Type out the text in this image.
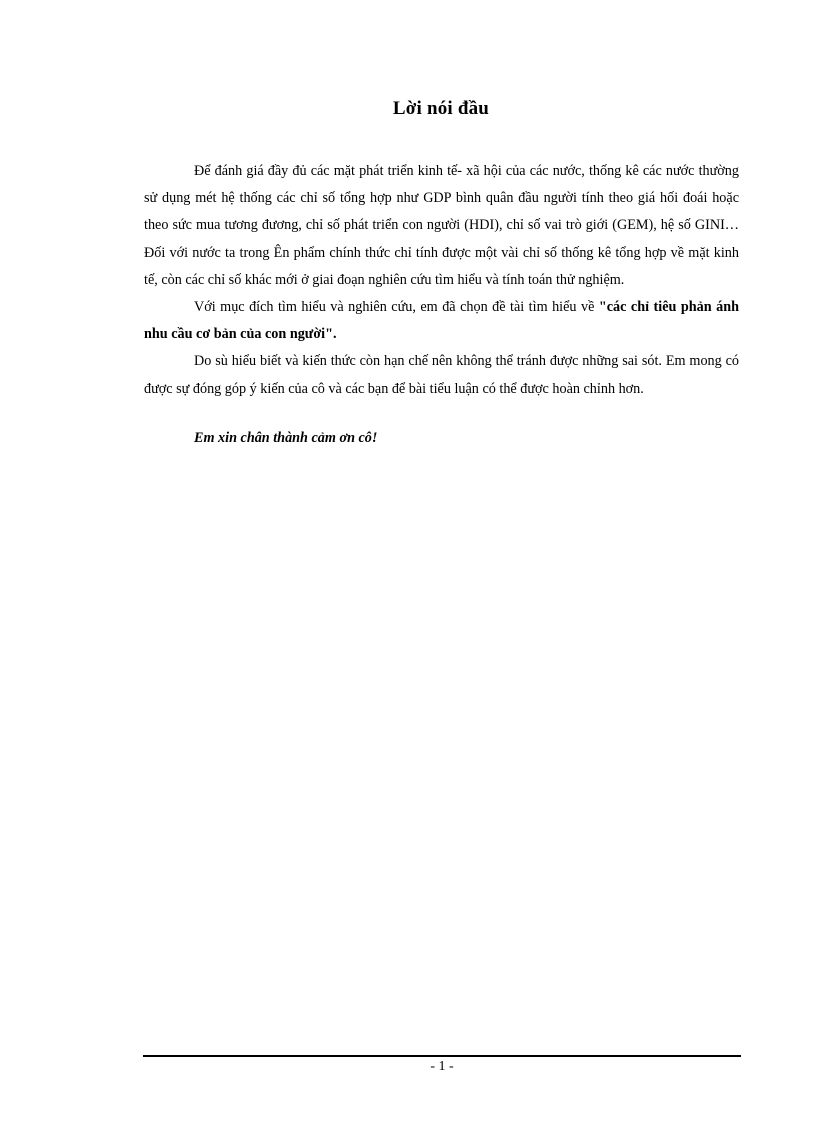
Lời nói đầu

Để đánh giá đầy đủ các mặt phát triển kinh tế- xã hội của các nước, thống kê các nước thường sử dụng mét hệ thống các chỉ số tổng hợp như GDP bình quân đầu người tính theo giá hối đoái hoặc theo sức mua tương đương, chỉ số phát triển con người (HDI), chỉ số vai trò giới (GEM), hệ số GINI… Đối với nước ta trong Ên phẩm chính thức chỉ tính được một vài chỉ số thống kê tổng hợp về mặt kinh tế, còn các chỉ số khác mới ở giai đoạn nghiên cứu tìm hiểu và tính toán thử nghiệm.

Với mục đích tìm hiểu và nghiên cứu, em đã chọn đề tài tìm hiểu về "các chỉ tiêu phản ánh nhu cầu cơ bản của con người".

Do sù hiểu biết và kiến thức còn hạn chế nên không thể tránh được những sai sót. Em mong có được sự đóng góp ý kiến của cô và các bạn để bài tiểu luận có thể được hoàn chỉnh hơn.

Em xin chân thành cảm ơn cô!

- 1 -
